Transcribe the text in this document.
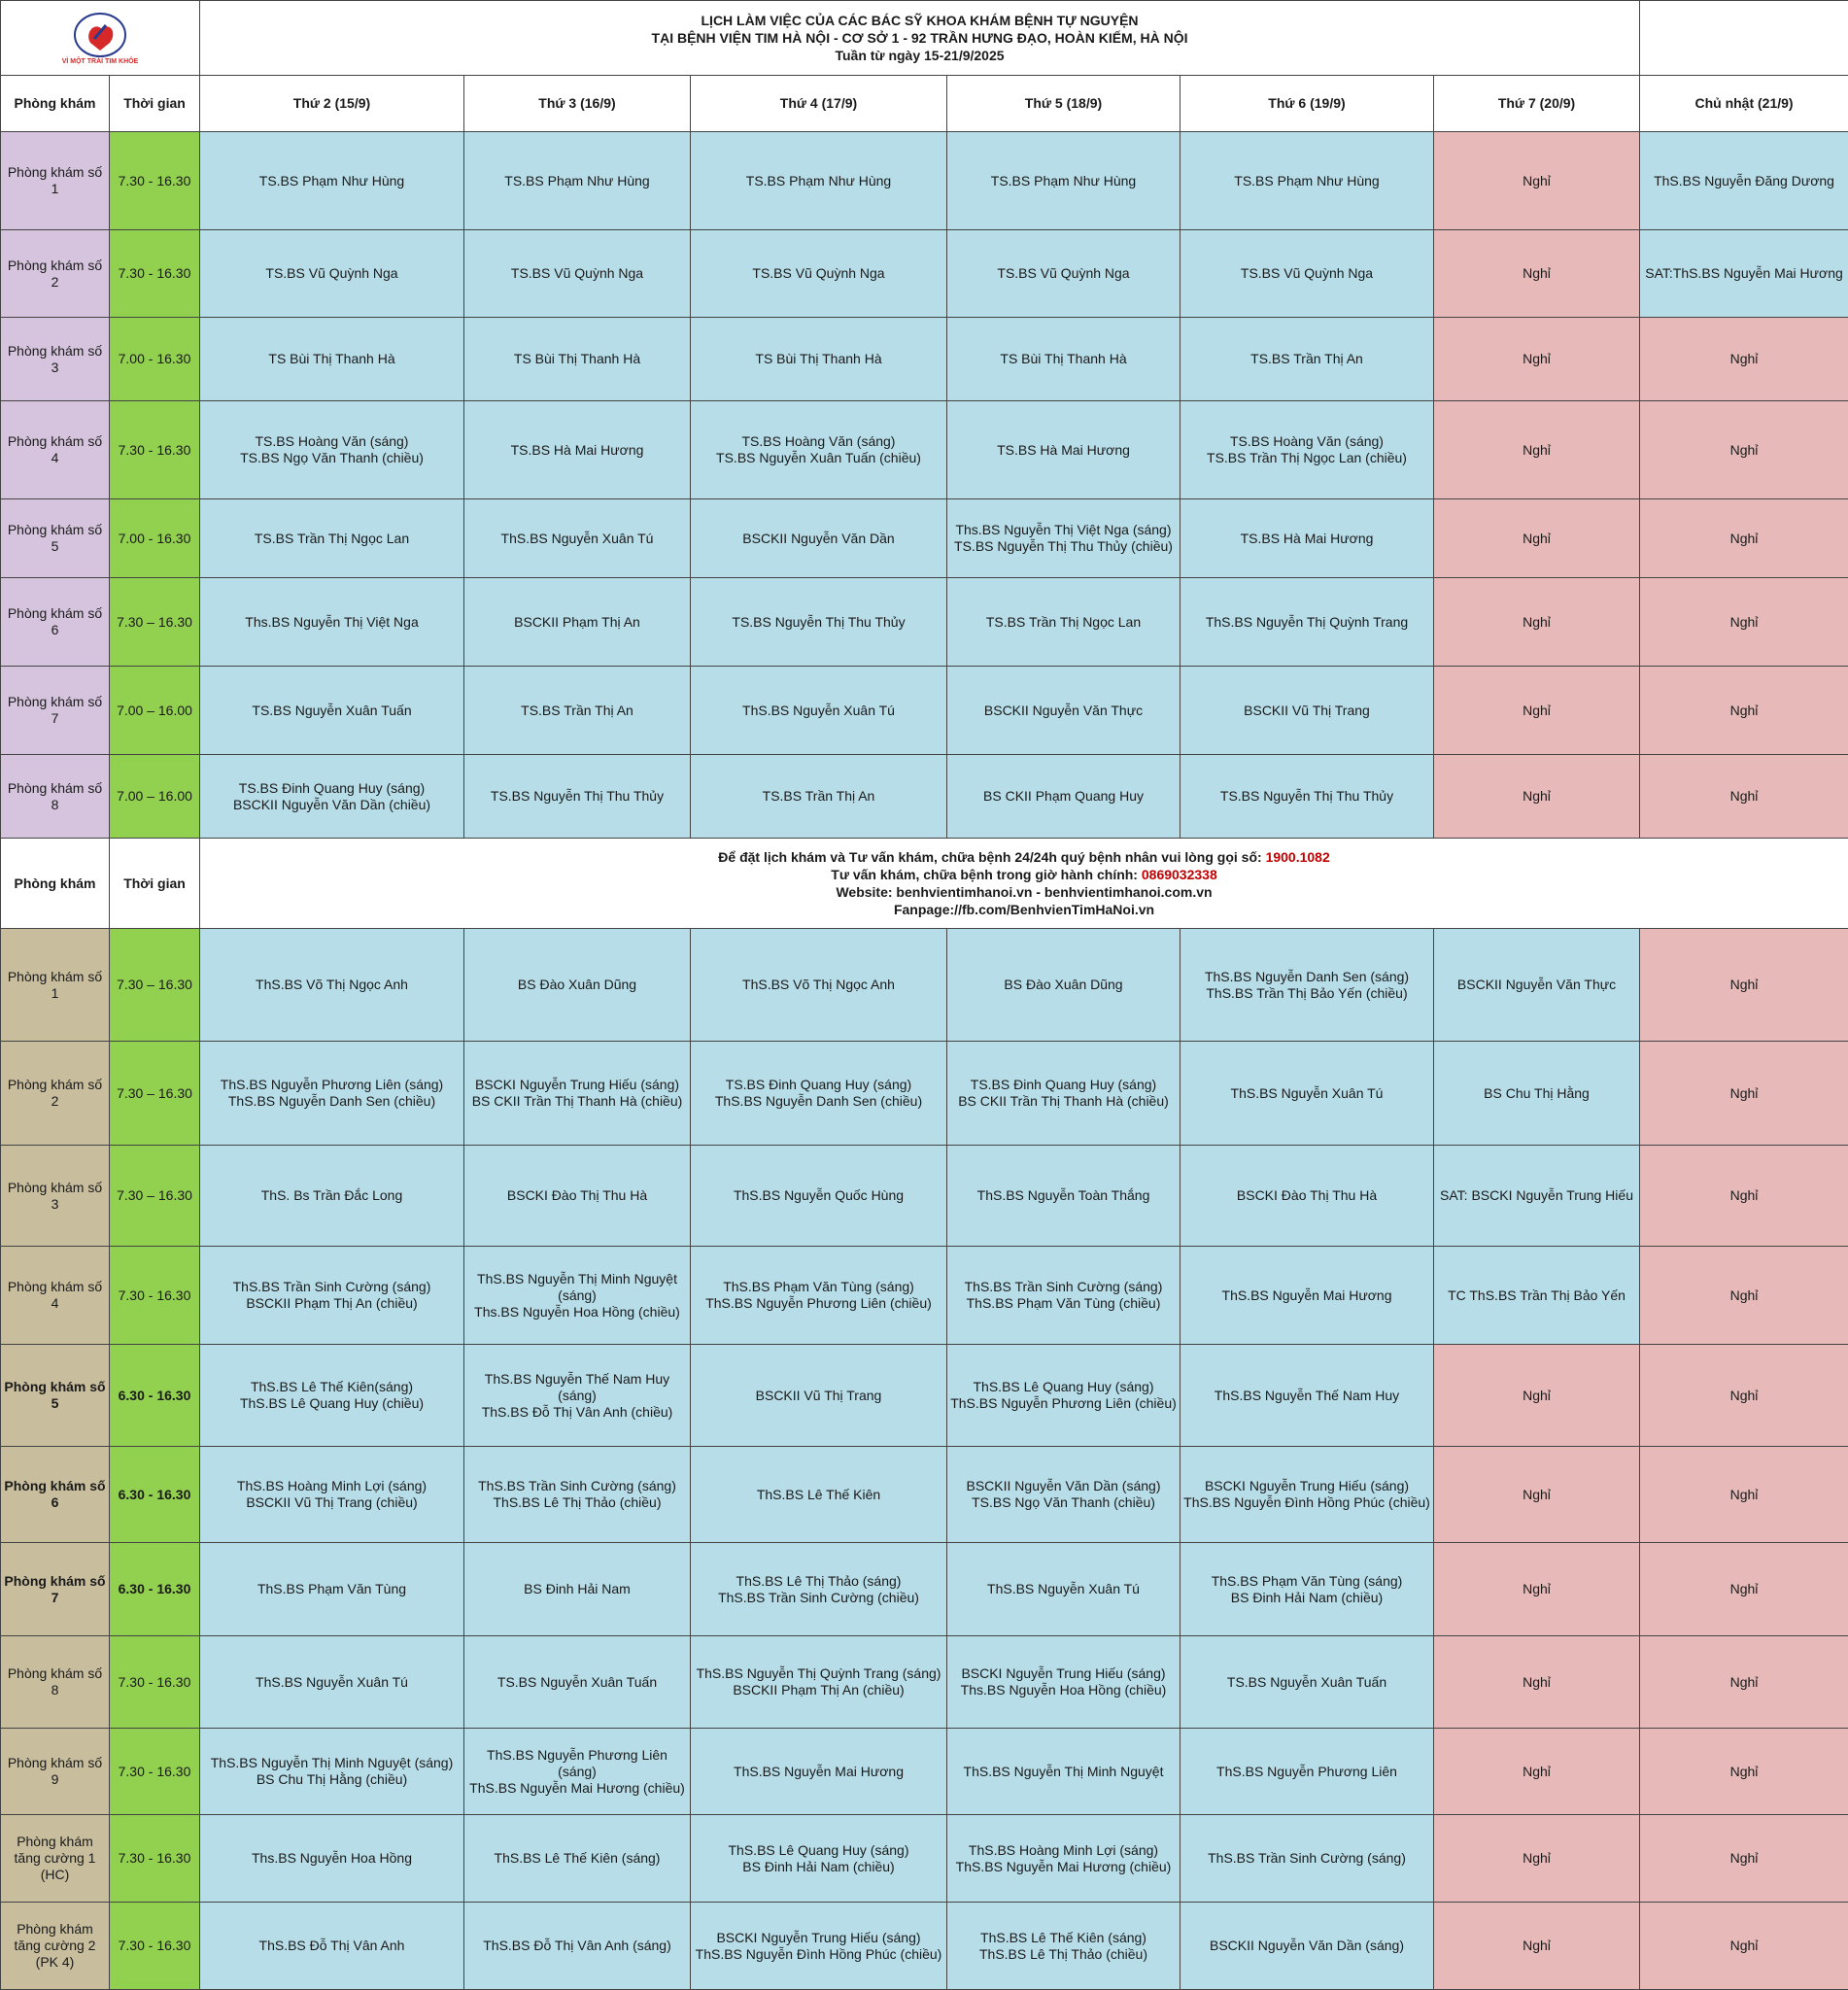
VÌ MỘT TRÁI TIM KHỎE		LỊCH LÀM VIỆC CỦA CÁC BÁC SỸ KHOA KHÁM BỆNH TỰ NGUYỆN
TẠI BỆNH VIỆN TIM HÀ NỘI - CƠ SỞ 1 - 92 TRẦN HƯNG ĐẠO, HOÀN KIẾM, HÀ NỘI
Tuần từ ngày 15-21/9/2025						

Phòng khám	Thời gian	Thứ 2 (15/9)	Thứ 3 (16/9)	Thứ 4 (17/9)	Thứ 5 (18/9)	Thứ 6 (19/9)	Thứ 7 (20/9)	Chủ nhật (21/9)
Phòng khám số 1	7.30 - 16.30	TS.BS Phạm Như Hùng	TS.BS Phạm Như Hùng	TS.BS Phạm Như Hùng	TS.BS Phạm Như Hùng	TS.BS Phạm Như Hùng	Nghỉ	ThS.BS Nguyễn Đăng Dương

Phòng khám số 2	7.30 - 16.30	TS.BS Vũ Quỳnh Nga	TS.BS Vũ Quỳnh Nga	TS.BS Vũ Quỳnh Nga	TS.BS Vũ Quỳnh Nga	TS.BS Vũ Quỳnh Nga	Nghỉ	SAT:ThS.BS Nguyễn Mai Hương

Phòng khám số 3	7.00 - 16.30	TS Bùi Thị Thanh Hà	TS Bùi Thị Thanh Hà	TS Bùi Thị Thanh Hà	TS Bùi Thị Thanh Hà	TS.BS Trần Thị An	Nghỉ	Nghỉ

Phòng khám số 4	7.30 - 16.30	TS.BS Hoàng Văn (sáng)
TS.BS Ngọ Văn Thanh (chiều)	TS.BS Hà Mai Hương	TS.BS Hoàng Văn (sáng)
TS.BS Nguyễn Xuân Tuấn (chiều)	TS.BS Hà Mai Hương	TS.BS Hoàng Văn (sáng)
TS.BS Trần Thị Ngọc Lan (chiều)	Nghỉ	Nghỉ

Phòng khám số 5	7.00 - 16.30	TS.BS Trần Thị Ngọc Lan	ThS.BS Nguyễn Xuân Tú	BSCKII Nguyễn Văn Dần	Ths.BS Nguyễn Thị Việt Nga (sáng)
TS.BS Nguyễn Thị Thu Thủy (chiều)	TS.BS Hà Mai Hương	Nghỉ	Nghỉ

Phòng khám số 6	7.30 – 16.30	Ths.BS Nguyễn Thị Việt Nga	BSCKII Phạm Thị An	TS.BS Nguyễn Thị Thu Thủy	TS.BS Trần Thị Ngọc Lan	ThS.BS Nguyễn Thị Quỳnh Trang	Nghỉ	Nghỉ

Phòng khám số 7	7.00 – 16.00	TS.BS Nguyễn Xuân Tuấn	TS.BS Trần Thị An	ThS.BS Nguyễn Xuân Tú	BSCKII Nguyễn Văn Thực	BSCKII Vũ Thị Trang	Nghỉ	Nghỉ

Phòng khám số 8	7.00 – 16.00	TS.BS Đinh Quang Huy (sáng)
BSCKII Nguyễn Văn Dần (chiều)	TS.BS Nguyễn Thị Thu Thủy	TS.BS Trần Thị An	BS CKII Phạm Quang Huy	TS.BS Nguyễn Thị Thu Thủy	Nghỉ	Nghỉ

Phòng khám	Thời gian	Để đặt lịch khám và Tư vấn khám, chữa bệnh 24/24h quý bệnh nhân vui lòng gọi số: 1900.1082
Tư vấn khám, chữa bệnh trong giờ hành chính: 0869032338
Website: benhvientimhanoi.vn - benhvientimhanoi.com.vn
Fanpage://fb.com/BenhvienTimHaNoi.vn						

Phòng khám số 1	7.30 – 16.30	ThS.BS Võ Thị Ngọc Anh	BS Đào Xuân Dũng	ThS.BS Võ Thị Ngọc Anh	BS Đào Xuân Dũng	ThS.BS Nguyễn Danh Sen (sáng)
ThS.BS Trần Thị Bảo Yến (chiều)	BSCKII Nguyễn Văn Thực	Nghỉ

Phòng khám số 2	7.30 – 16.30	ThS.BS Nguyễn Phương Liên (sáng)
ThS.BS Nguyễn Danh Sen (chiều)	BSCKI Nguyễn Trung Hiếu (sáng)
BS CKII Trần Thị Thanh Hà (chiều)	TS.BS Đinh Quang Huy (sáng)
ThS.BS Nguyễn Danh Sen (chiều)	TS.BS Đinh Quang Huy (sáng)
BS CKII Trần Thị Thanh Hà (chiều)	ThS.BS Nguyễn Xuân Tú	BS Chu Thị Hằng	Nghỉ

Phòng khám số 3	7.30 – 16.30	ThS. Bs Trần Đắc Long	BSCKI Đào Thị Thu Hà	ThS.BS Nguyễn Quốc Hùng	ThS.BS Nguyễn Toàn Thắng	BSCKI Đào Thị Thu Hà	SAT: BSCKI Nguyễn Trung Hiếu	Nghỉ

Phòng khám số 4	7.30 - 16.30	ThS.BS Trần Sinh Cường (sáng)
BSCKII Phạm Thị An (chiều)	ThS.BS Nguyễn Thị Minh Nguyệt (sáng)
Ths.BS Nguyễn Hoa Hồng (chiều)	ThS.BS Phạm Văn Tùng (sáng)
ThS.BS Nguyễn Phương Liên (chiều)	ThS.BS Trần Sinh Cường (sáng)
ThS.BS Phạm Văn Tùng (chiều)	ThS.BS Nguyễn Mai Hương	TC ThS.BS Trần Thị Bảo Yến	Nghỉ

Phòng khám số 5	6.30 - 16.30	ThS.BS Lê Thế Kiên(sáng)
ThS.BS Lê Quang Huy (chiều)	ThS.BS Nguyễn Thế Nam Huy (sáng)
ThS.BS Đỗ Thị Vân Anh (chiều)	BSCKII Vũ Thị Trang	ThS.BS Lê Quang Huy (sáng)
ThS.BS Nguyễn Phương Liên (chiều)	ThS.BS Nguyễn Thế Nam Huy	Nghỉ	Nghỉ

Phòng khám số 6	6.30 - 16.30	ThS.BS Hoàng Minh Lợi (sáng)
BSCKII Vũ Thị Trang (chiều)	ThS.BS Trần Sinh Cường (sáng)
ThS.BS Lê Thị Thảo (chiều)	ThS.BS Lê Thế Kiên	BSCKII Nguyễn Văn Dần (sáng)
TS.BS Ngọ Văn Thanh (chiều)	BSCKI Nguyễn Trung Hiếu (sáng)
ThS.BS Nguyễn Đình Hồng Phúc (chiều)	Nghỉ	Nghỉ

Phòng khám số 7	6.30 - 16.30	ThS.BS Phạm Văn Tùng	BS Đinh Hải Nam	ThS.BS Lê Thị Thảo (sáng)
ThS.BS Trần Sinh Cường (chiều)	ThS.BS Nguyễn Xuân Tú	ThS.BS Phạm Văn Tùng (sáng)
BS Đinh Hải Nam (chiều)	Nghỉ	Nghỉ

Phòng khám số 8	7.30 - 16.30	ThS.BS Nguyễn Xuân Tú	TS.BS Nguyễn Xuân Tuấn	ThS.BS Nguyễn Thị Quỳnh Trang (sáng)
BSCKII Phạm Thị An (chiều)	BSCKI Nguyễn Trung Hiếu (sáng)
Ths.BS Nguyễn Hoa Hồng (chiều)	TS.BS Nguyễn Xuân Tuấn	Nghỉ	Nghỉ

Phòng khám số 9	7.30 - 16.30	ThS.BS Nguyễn Thị Minh Nguyệt (sáng)
BS Chu Thị Hằng (chiều)	ThS.BS Nguyễn Phương Liên (sáng)
ThS.BS Nguyễn Mai Hương (chiều)	ThS.BS Nguyễn Mai Hương	ThS.BS Nguyễn Thị Minh Nguyệt	ThS.BS Nguyễn Phương Liên	Nghỉ	Nghỉ

Phòng khám tăng cường 1 (HC)	7.30 - 16.30	Ths.BS Nguyễn Hoa Hồng	ThS.BS Lê Thế Kiên (sáng)	ThS.BS Lê Quang Huy (sáng)
BS Đinh Hải Nam (chiều)	ThS.BS Hoàng Minh Lợi (sáng)
ThS.BS Nguyễn Mai Hương (chiều)	ThS.BS Trần Sinh Cường (sáng)	Nghỉ	Nghỉ

Phòng khám tăng cường 2 (PK 4)	7.30 - 16.30	ThS.BS Đỗ Thị Vân Anh	ThS.BS Đỗ Thị Vân Anh (sáng)	BSCKI Nguyễn Trung Hiếu (sáng)
ThS.BS Nguyễn Đình Hồng Phúc (chiều)	ThS.BS Lê Thế Kiên (sáng)
ThS.BS Lê Thị Thảo (chiều)	BSCKII Nguyễn Văn Dần (sáng)	Nghỉ	Nghỉ
